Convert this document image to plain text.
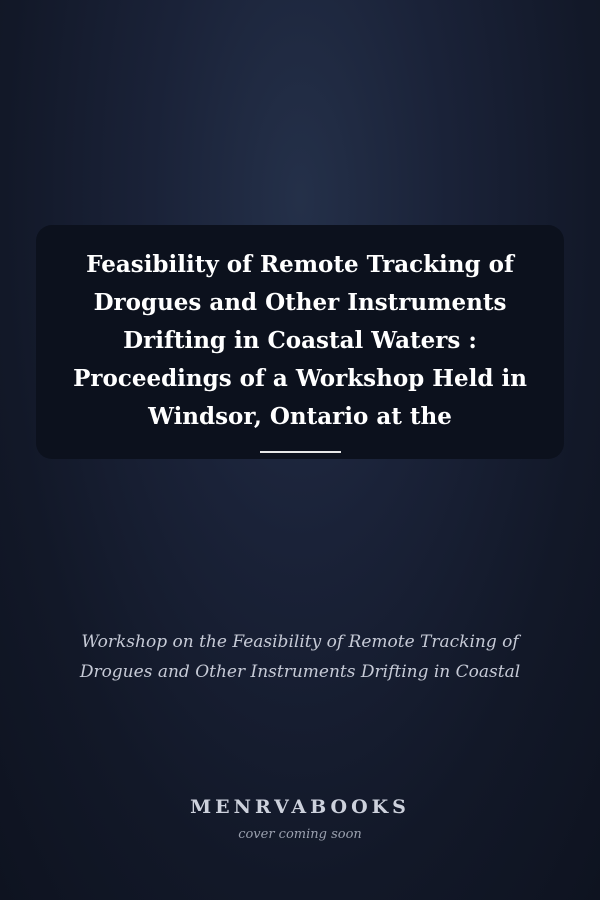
Feasibility of Remote Tracking of
Drogues and Other Instruments
Drifting in Coastal Waters :
Proceedings of a Workshop Held in
Windsor, Ontario at the
Workshop on the Feasibility of Remote Tracking of
Drogues and Other Instruments Drifting in Coastal
MENRVABOOKS
cover coming soon
